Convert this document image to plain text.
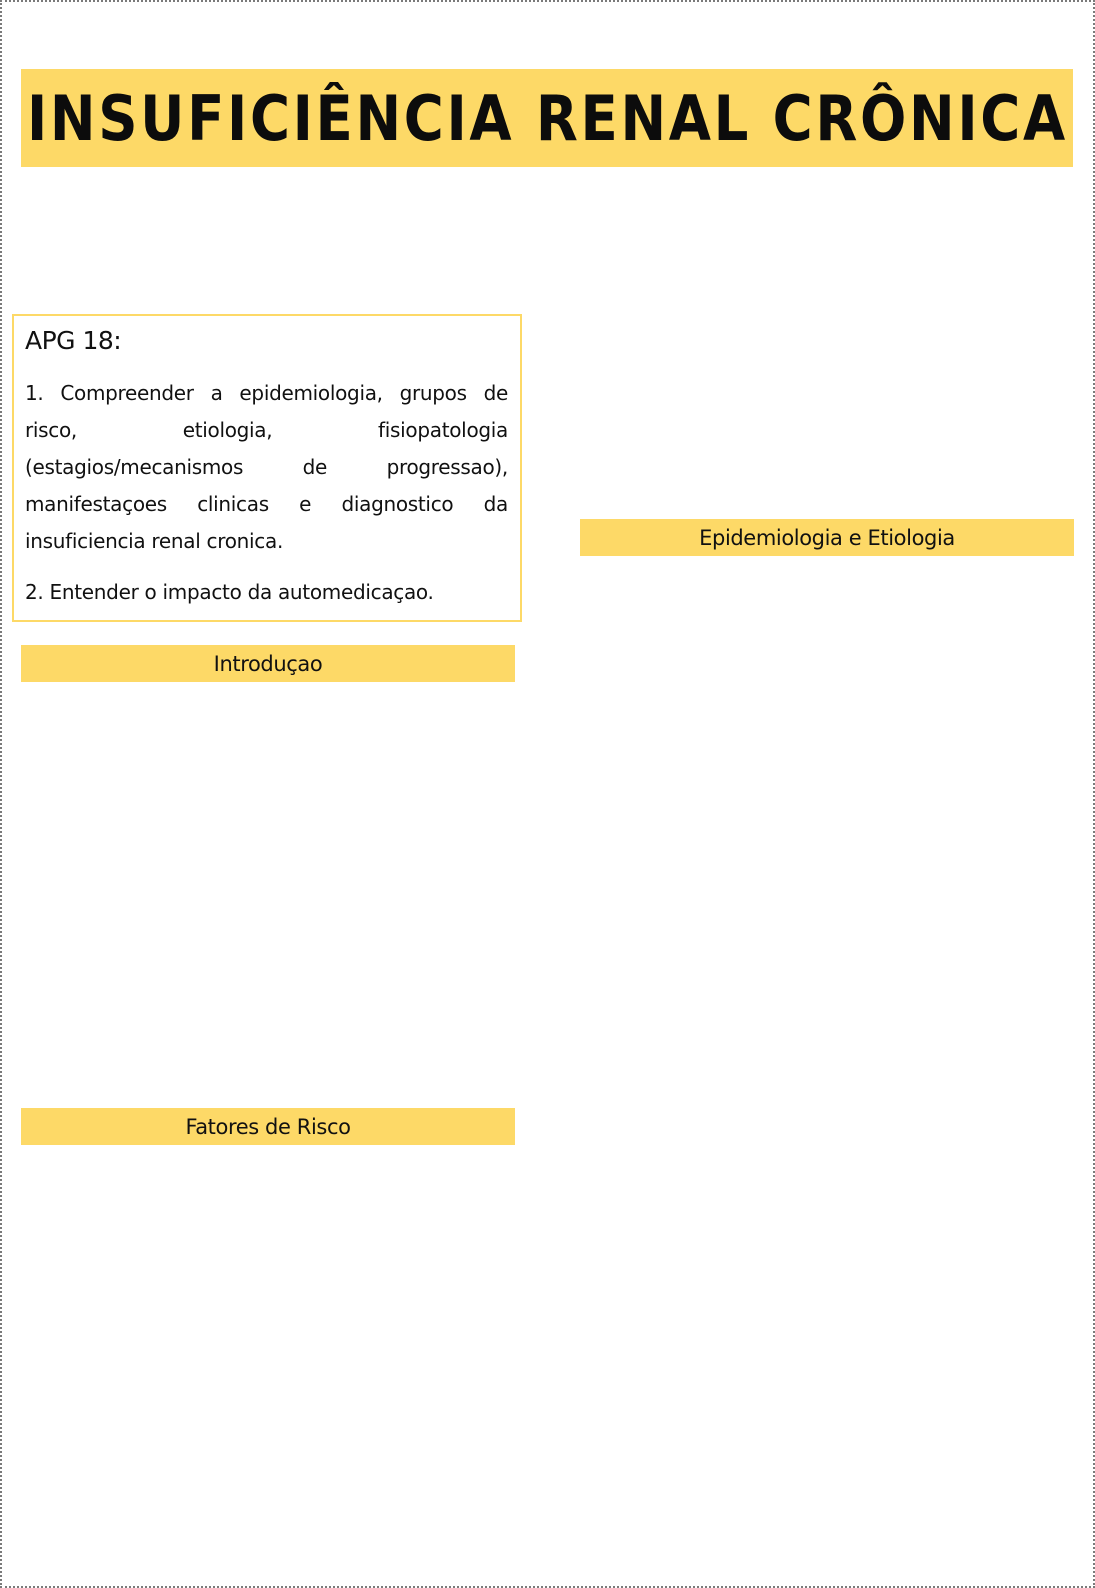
INSUFICIÊNCIA RENAL CRÔNICA
APG 18:

1. Compreender a epidemiologia, grupos de risco, etiologia, fisiopatologia (estagios/mecanismos de progressao), manifestaçoes clinicas e diagnostico da insuficiencia renal cronica.

2. Entender o impacto da automedicaçao.

Introduçao
Epidemiologia e Etiologia
Fatores de Risco
